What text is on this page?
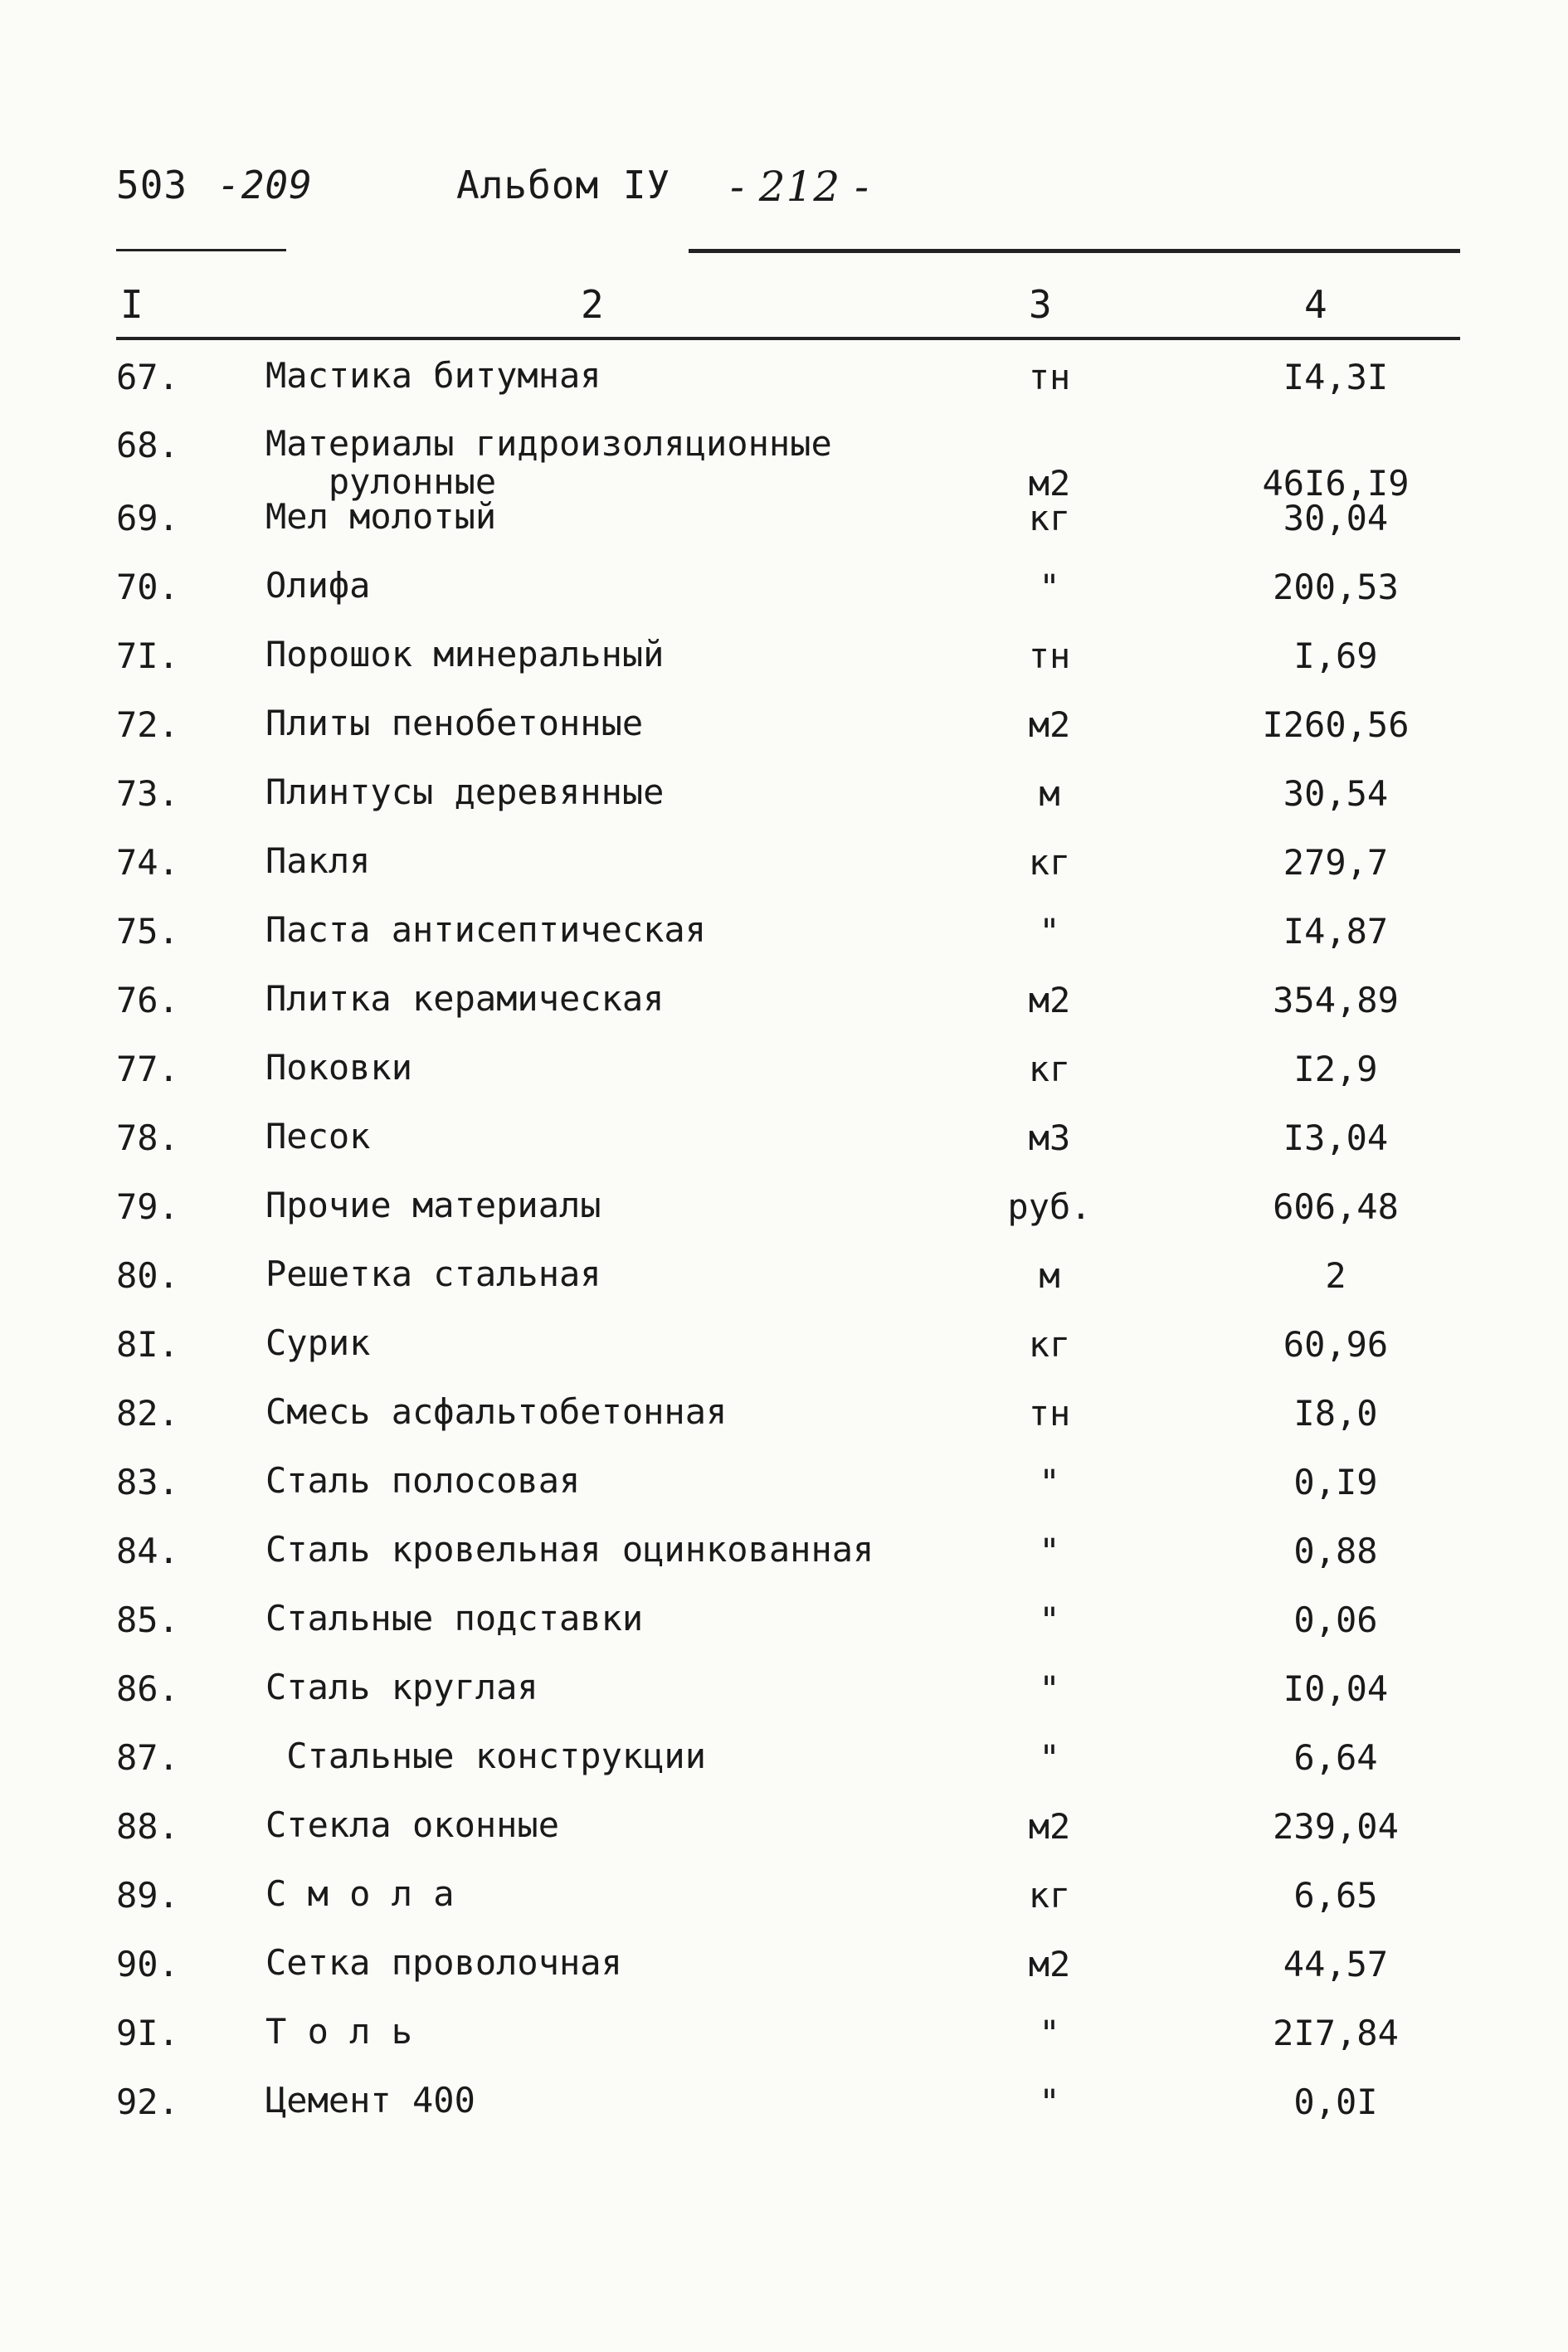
503 -209	Альбом IУ - 212 -
I	2	3	4
67. Мастика битумная	тн	I4,3I
68. Материалы гидроизоляционные
рулонные	м2	46I6,I9
69. Мел молотый	кг	30,04
70. Олифа	"	200,53
7I. Порошок минеральный	тн	I,69
72. Плиты пенобетонные	м2	I260,56
73. Плинтусы деревянные	м	30,54
74. Пакля	кг	279,7
75. Паста антисептическая	"	I4,87
76. Плитка керамическая	м2	354,89
77. Поковки	кг	I2,9
78. Песок	м3	I3,04
79. Прочие материалы	руб.	606,48
80. Решетка стальная	м	2
8I. Сурик	кг	60,96
82. Смесь асфальтобетонная	тн	I8,0
83. Сталь полосовая	"	0,I9
84. Сталь кровельная оцинкованная	"	0,88
85. Стальные подставки	"	0,06
86. Сталь круглая	"	I0,04
87. Стальные конструкции	"	6,64
88. Стекла оконные	м2	239,04
89. С м о л а	кг	6,65
90. Сетка проволочная	м2	44,57
9I. Т о л ь	"	2I7,84
92. Цемент 400	"	0,0I
